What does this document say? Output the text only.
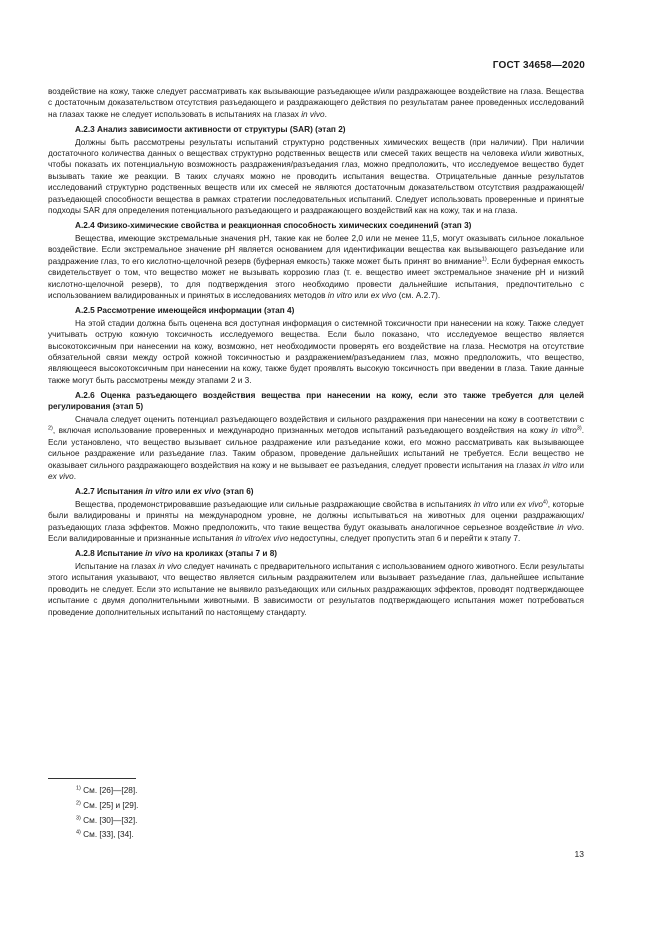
ГОСТ 34658—2020

воздействие на кожу, также следует рассматривать как вызывающие разъедающее и/или раздражающее воздействие на глаза. Вещества с достаточным доказательством отсутствия разъедающего и раздражающего действия по результатам ранее проведенных исследований на глазах также не следует использовать в испытаниях на глазах in vivo.

А.2.3 Анализ зависимости активности от структуры (SAR) (этап 2)

Должны быть рассмотрены результаты испытаний структурно родственных химических веществ (при наличии). При наличии достаточного количества данных о веществах структурно родственных веществ или смесей таких веществ на человека и/или животных, чтобы показать их потенциальную возможность раздражения/разъедания глаз, можно предположить, что исследуемое вещество будет вызывать такие же реакции. В таких случаях можно не проводить испытания вещества. Отрицательные данные результатов исследований структурно родственных веществ или их смесей не являются достаточным доказательством отсутствия раздражающей/разъедающей способности вещества в рамках стратегии последовательных испытаний. Следует использовать проверенные и принятые подходы SAR для определения потенциального разъедающего и раздражающего воздействий как на кожу, так и на глаза.

А.2.4 Физико-химические свойства и реакционная способность химических соединений (этап 3)

Вещества, имеющие экстремальные значения рН, такие как не более 2,0 или не менее 11,5, могут оказывать сильное локальное воздействие. Если экстремальное значение рН является основанием для идентификации вещества как вызывающего разъедание или раздражение глаз, то его кислотно-щелочной резерв (буферная емкость) также может быть принят во внимание$^{1)}$. Если буферная емкость свидетельствует о том, что вещество может не вызывать коррозию глаз (т. е. вещество имеет экстремальное значение рН и низкий кислотно-щелочной резерв), то для подтверждения этого необходимо провести дальнейшие испытания, предпочтительно с использованием валидированных и принятых в исследованиях методов in vitro или ex vivo (см. А.2.7).

А.2.5 Рассмотрение имеющейся информации (этап 4)

На этой стадии должна быть оценена вся доступная информация о системной токсичности при нанесении на кожу. Также следует учитывать острую кожную токсичность исследуемого вещества. Если было показано, что исследуемое вещество является высокотоксичным при нанесении на кожу, возможно, нет необходимости проверять его воздействие на глаза. Несмотря на отсутствие обязательной связи между острой кожной токсичностью и раздражением/разъеданием глаз, можно предположить, что вещество, являющееся высокотоксичным при нанесении на кожу, также будет проявлять высокую токсичность при введении в глаза. Такие данные также могут быть рассмотрены между этапами 2 и 3.

А.2.6 Оценка разъедающего воздействия вещества при нанесении на кожу, если это также требуется для целей регулирования (этап 5)

Сначала следует оценить потенциал разъедающего воздействия и сильного раздражения при нанесении на кожу в соответствии с $^{2)}$, включая использование проверенных и международно признанных методов испытаний разъедающего воздействия на кожу in vitro$^{3)}$. Если установлено, что вещество вызывает сильное раздражение или разъедание кожи, его можно рассматривать как вызывающее сильное раздражение или разъедание глаз. Таким образом, проведение дальнейших испытаний не требуется. Если вещество не оказывает сильного раздражающего воздействия на кожу и не вызывает ее разъедания, следует провести испытания на глазах in vitro или ex vivo.

А.2.7 Испытания in vitro или ex vivo (этап 6)

Вещества, продемонстрировавшие разъедающие или сильные раздражающие свойства в испытаниях in vitro или ex vivo$^{4)}$, которые были валидированы и приняты на международном уровне, не должны испытываться на животных для оценки раздражающих/разъедающих глаза эффектов. Можно предположить, что такие вещества будут оказывать аналогичное серьезное воздействие in vivo. Если валидированные и признанные испытания in vitro/ex vivo недоступны, следует пропустить этап 6 и перейти к этапу 7.

А.2.8 Испытание in vivo на кроликах (этапы 7 и 8)

Испытание на глазах in vivo следует начинать с предварительного испытания с использованием одного животного. Если результаты этого испытания указывают, что вещество является сильным раздражителем или вызывает разъедание глаз, дальнейшее испытание проводить не следует. Если это испытание не выявило разъедающих или сильных раздражающих эффектов, проводят подтверждающее испытание с двумя дополнительными животными. В зависимости от результатов подтверждающего испытания может потребоваться проведение дополнительных испытаний по настоящему стандарту.

$^{1)}$ См. [26]—[28].
$^{2)}$ См. [25] и [29].
$^{3)}$ См. [30]—[32].
$^{4)}$ См. [33], [34].
13
